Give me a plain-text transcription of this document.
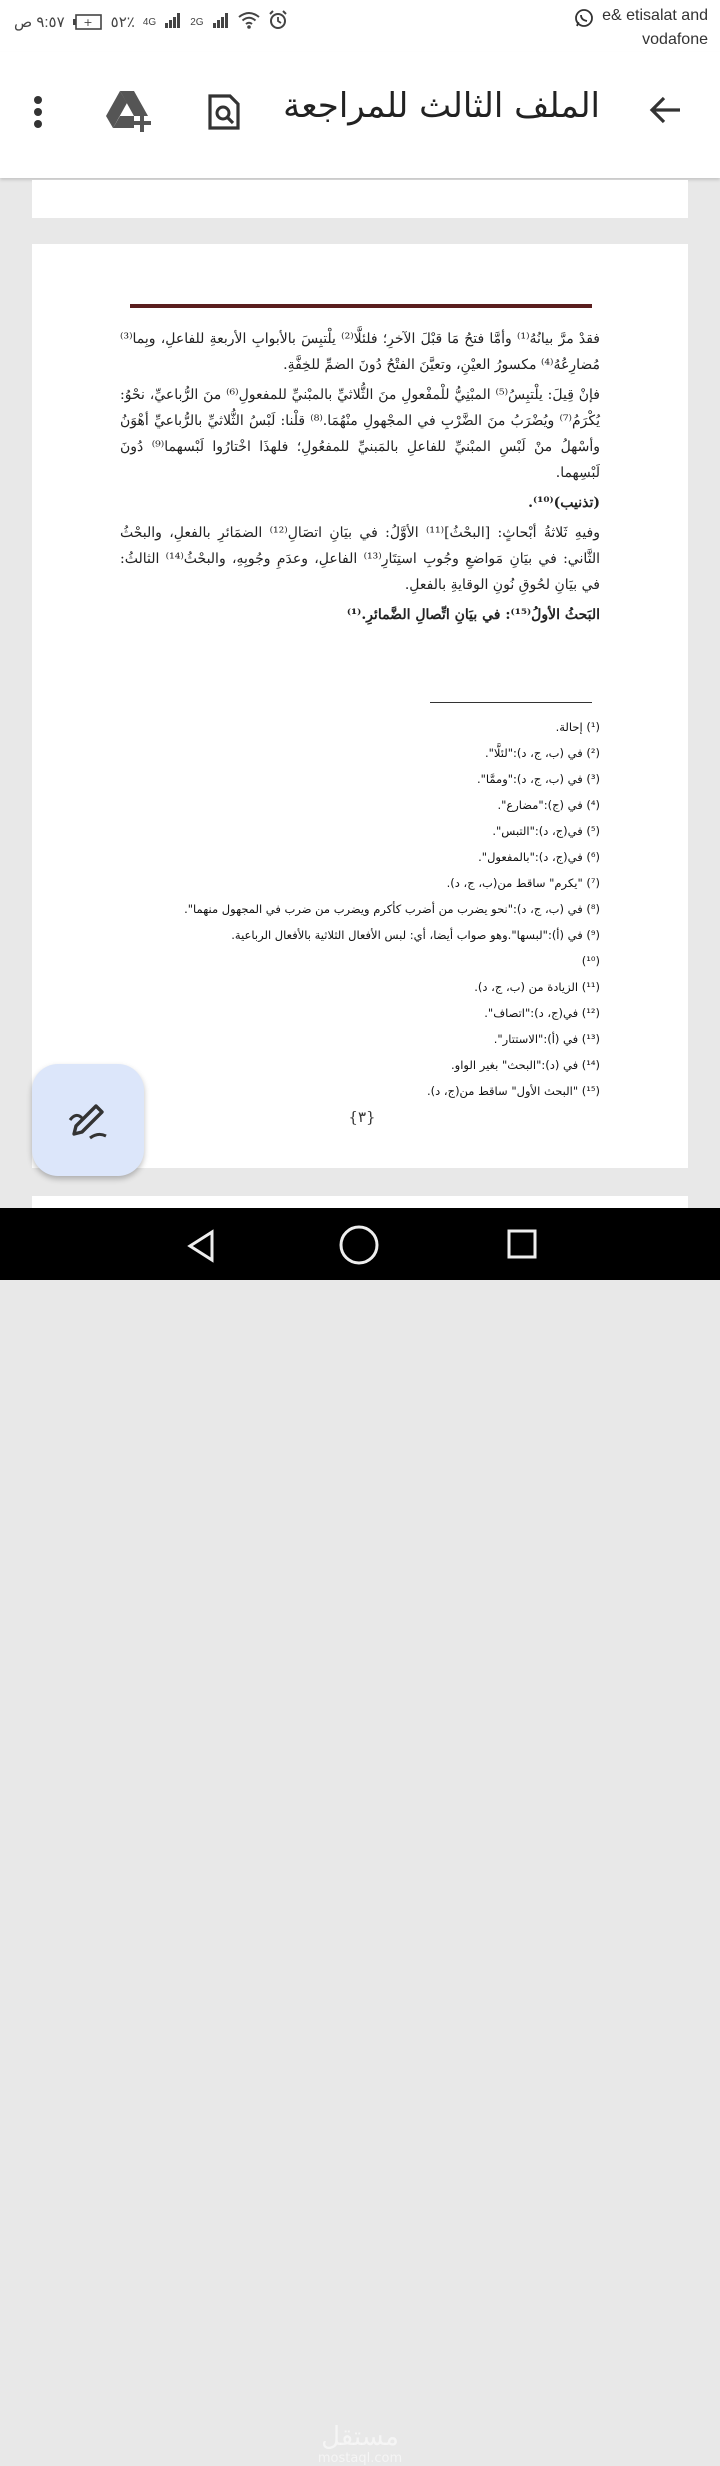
٩:٥٧ ص + ٥٢٪ 4G	2G	e& etisalat and
vodafone
الملف الثالث للمراجعة

فقدْ مرَّ بيانُهُ⁽¹⁾ وأمَّا فتحُ مَا قبْلَ الآخرِ؛ فلئلَّا⁽²⁾ يلْتبِسَ بالأبوابِ الأربعةِ للفاعلِ، وبِما⁽³⁾ مُضارِعُهُ⁽⁴⁾ مكسورُ العيْنِ، وتعيَّنَ الفتْحُ دُونَ الضمِّ للخِفَّةِ.

فإنْ قِيلَ: يلْتبِسُ⁽⁵⁾ المبْنِيُّ للْمفْعولِ منَ الثُّلاثيِّ بالمبْنيِّ للمفعولِ⁽⁶⁾ منَ الرُّباعيِّ، نحْوُ: يُكْرَمُ⁽⁷⁾ ويُضْرَبُ منَ الضَّرْبِ في المجْهولِ منْهُمَا.⁽⁸⁾ قلْنا: لَبْسُ الثُّلاثيِّ بالرُّباعيِّ أهْوَنُ وأسْهلُ منْ لَبْسِ المبْنيِّ للفاعلِ بالمَبنيِّ للمفعُولِ؛ فلهذَا اخْتارُوا لَبْسهما⁽⁹⁾ دُونَ لَبْسِهما.

(تذنيب)⁽¹⁰⁾.

وفيهِ ثَلاثةُ أبْحاثٍ: [البحْثُ]⁽¹¹⁾ الأوَّلُ: في بيَانِ اتصَالِ⁽¹²⁾ الضمَائرِ بالفعلِ، والبحْثُ الثَّاني: في بيَانِ مَواضعِ وجُوبِ استِتَارِ⁽¹³⁾ الفاعلِ، وعدَمِ وجُوبِهِ، والبحْثُ⁽¹⁴⁾ الثالثُ: في بيَانِ لحُوقِ نُونِ الوقايةِ بالفعلِ.

البَحثُ الأولُ⁽¹⁵⁾: في بيَانِ اتِّصالِ الضَّمائرِ.⁽¹⁾

(¹) إحالة.
(²) في (ب، ج، د):"لئلَّا".
(³) في (ب، ج، د):"وممَّا".
(⁴) في (ج):"مضارع".
(⁵) في(ج، د):"التبس".
(⁶) في(ج، د):"بالمفعول".
(⁷) "يكرم" ساقط من(ب، ج، د).
(⁸) في (ب، ج، د):"نحو يضرب من أضرب كأكرم ويضرب من ضرب في المجهول منهما".
(⁹) في (أ):"لبسها".وهو صواب أيضا، أي: لبس الأفعال الثلاثية بالأفعال الرباعية.
(¹⁰)
(¹¹) الزيادة من (ب، ج، د).
(¹²) في(ج، د):"اتصاف".
(¹³) في (أ):"الاستتار".
(¹⁴) في (د):"البحث" بغير الواو.
(¹⁵) "البحث الأول" ساقط من(ج، د).
{٣}
مستقل
mostaql.com
